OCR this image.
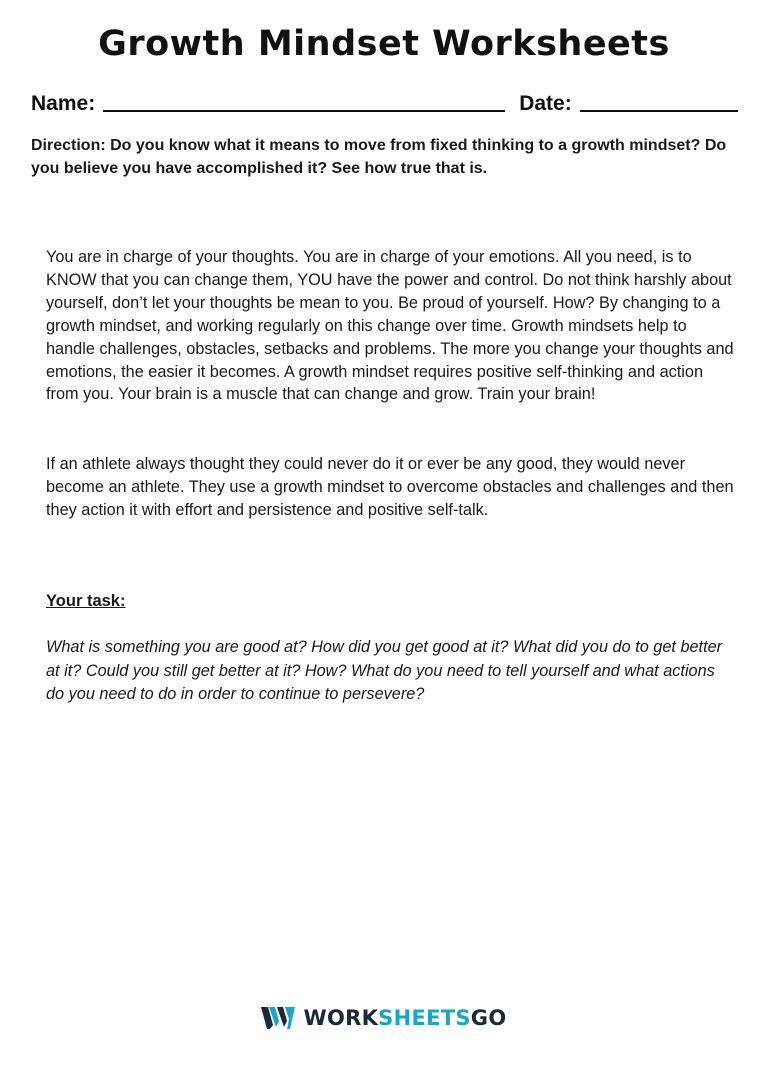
Growth Mindset Worksheets
Name:	Date:
Direction: Do you know what it means to move from fixed thinking to a growth mindset? Do you believe you have accomplished it? See how true that is.
You are in charge of your thoughts. You are in charge of your emotions. All you need, is to KNOW that you can change them, YOU have the power and control. Do not think harshly about yourself, don’t let your thoughts be mean to you. Be proud of yourself. How? By changing to a growth mindset, and working regularly on this change over time. Growth mindsets help to handle challenges, obstacles, setbacks and problems. The more you change your thoughts and emotions, the easier it becomes. A growth mindset requires positive self-thinking and action from you. Your brain is a muscle that can change and grow. Train your brain!
If an athlete always thought they could never do it or ever be any good, they would never become an athlete. They use a growth mindset to overcome obstacles and challenges and then they action it with effort and persistence and positive self-talk.
Your task:
What is something you are good at? How did you get good at it? What did you do to get better at it? Could you still get better at it? How? What do you need to tell yourself and what actions do you need to do in order to continue to persevere?
WORKSHEETSGO
